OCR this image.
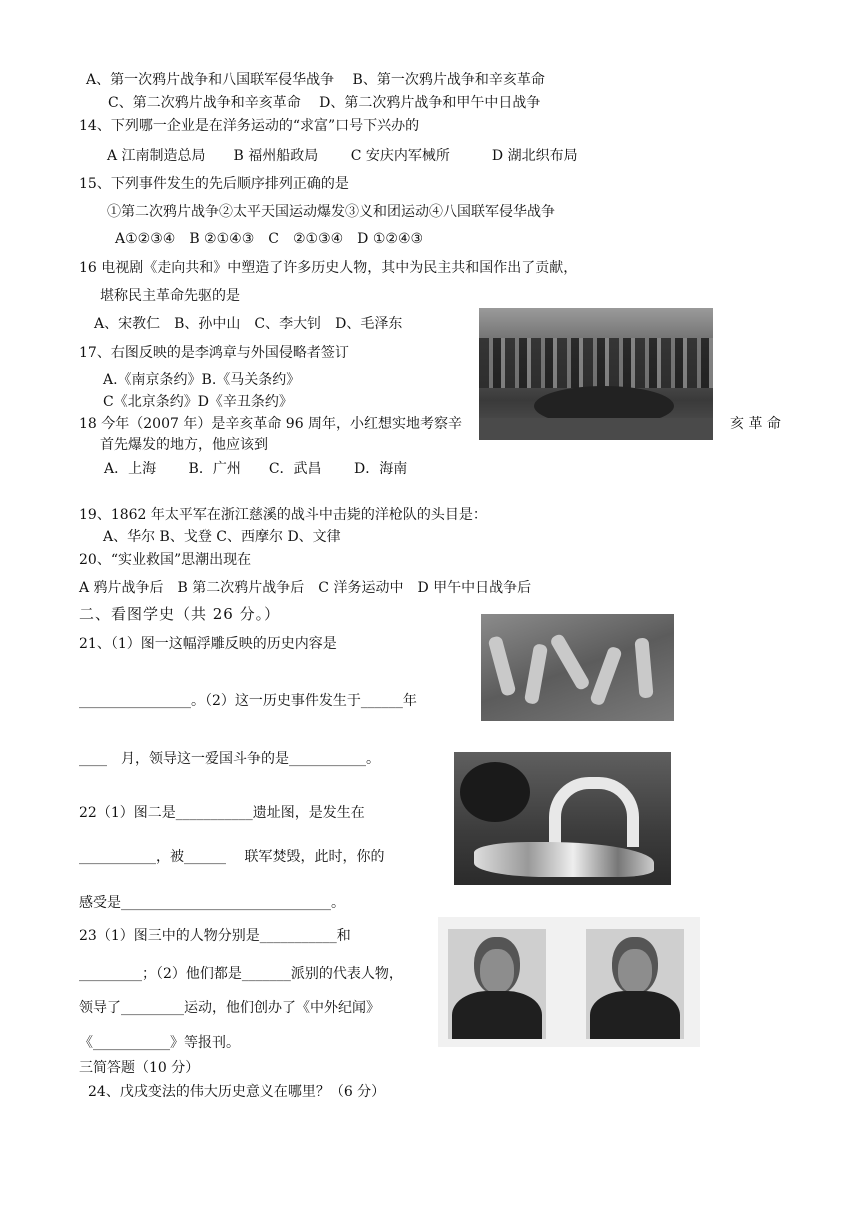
A、第一次鸦片战争和八国联军侵华战争　 B、第一次鸦片战争和辛亥革命
C、第二次鸦片战争和辛亥革命　 D、第二次鸦片战争和甲午中日战争
14、下列哪一企业是在洋务运动的“求富”口号下兴办的
A 江南制造总局　　B 福州船政局　　 C 安庆内军械所　　　D 湖北织布局
15、下列事件发生的先后顺序排列正确的是
①第二次鸦片战争②太平天国运动爆发③义和团运动④八国联军侵华战争
A①②③④　B ②①④③　C　②①③④　D ①②④③
16 电视剧《走向共和》中塑造了许多历史人物，其中为民主共和国作出了贡献，
堪称民主革命先驱的是
A、宋教仁　B、孙中山　C、李大钊　D、毛泽东
17、右图反映的是李鸿章与外国侵略者签订
A.《南京条约》B.《马关条约》
C《北京条约》D《辛丑条约》
18 今年（2007 年）是辛亥革命 96 周年，小红想实地考察辛	亥 革 命
首先爆发的地方，他应该到
A．上海　　 B．广州　　C．武昌　　 D．海南
19、1862 年太平军在浙江慈溪的战斗中击毙的洋枪队的头目是：
A、华尔 B、戈登 C、西摩尔 D、文律
20、“实业救国”思潮出现在
A 鸦片战争后　B 第二次鸦片战争后　C 洋务运动中　D 甲午中日战争后
二、看图学史（共 26 分。）
21、（1）图一这幅浮雕反映的历史内容是
________________。（2）这一历史事件发生于______年
____　月，领导这一爱国斗争的是___________。
22（1）图二是___________遗址图，是发生在
___________，被______　 联军焚毁，此时，你的
感受是______________________________。
23（1）图三中的人物分别是___________和
_________；（2）他们都是_______派别的代表人物，
领导了_________运动，他们创办了《中外纪闻》
《___________》等报刊。
三简答题（10 分）
24、戊戌变法的伟大历史意义在哪里？（6 分）
